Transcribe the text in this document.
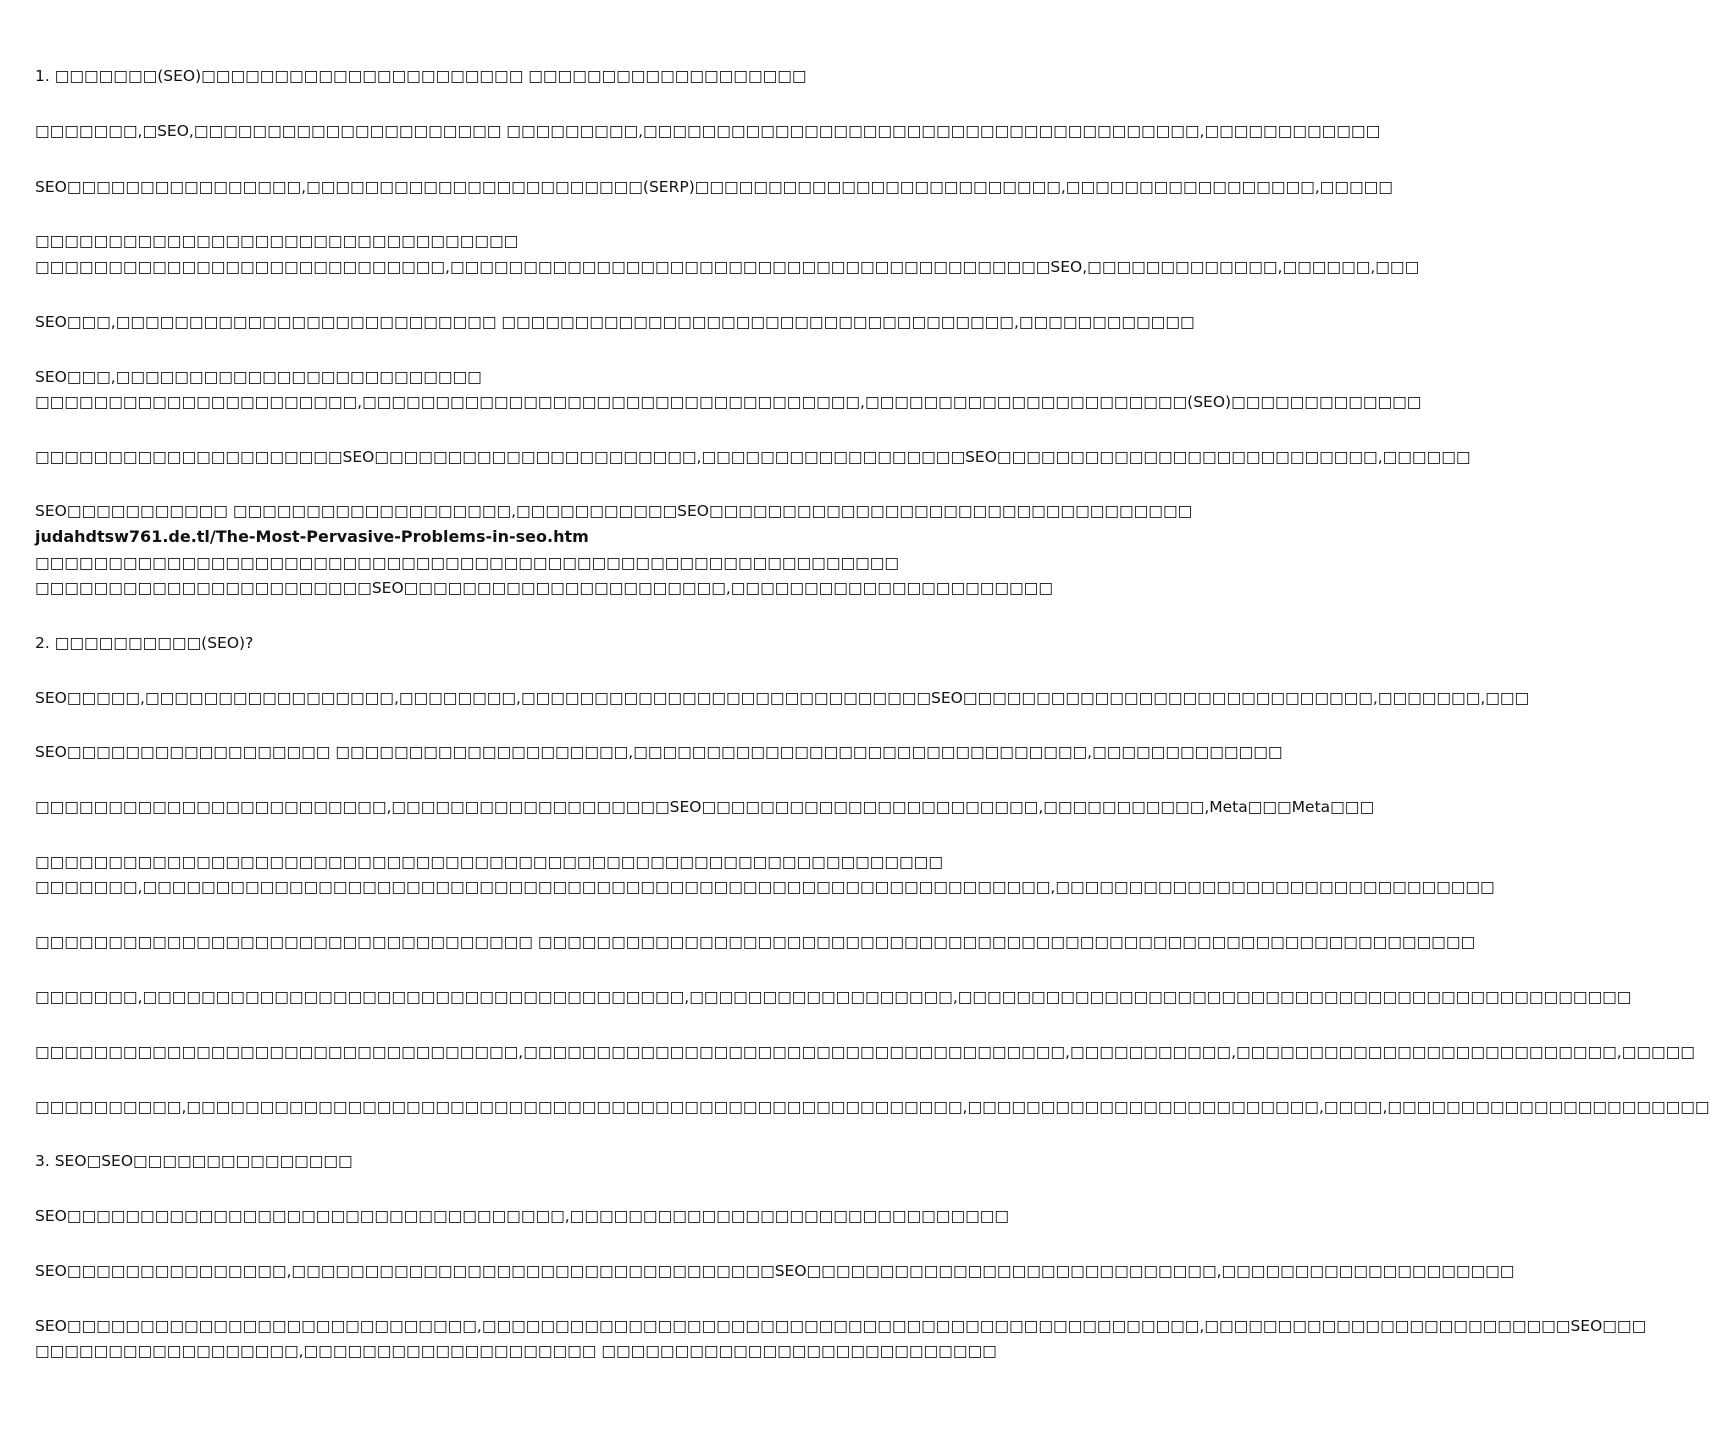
1. □□□□□□□(SEO)□□□□□□□□□□□□□□□□□□□□□□ □□□□□□□□□□□□□□□□□□□
□□□□□□□,□SEO,□□□□□□□□□□□□□□□□□□□□□ □□□□□□□□□,□□□□□□□□□□□□□□□□□□□□□□□□□□□□□□□□□□□□□□,□□□□□□□□□□□□
SEO□□□□□□□□□□□□□□□□,□□□□□□□□□□□□□□□□□□□□□□□(SERP)□□□□□□□□□□□□□□□□□□□□□□□□□,□□□□□□□□□□□□□□□□□,□□□□□
□□□□□□□□□□□□□□□□□□□□□□□□□□□□□□□□□
□□□□□□□□□□□□□□□□□□□□□□□□□□□□,□□□□□□□□□□□□□□□□□□□□□□□□□□□□□□□□□□□□□□□□□SEO,□□□□□□□□□□□□□,□□□□□□,□□□
SEO□□□,□□□□□□□□□□□□□□□□□□□□□□□□□□ □□□□□□□□□□□□□□□□□□□□□□□□□□□□□□□□□□□,□□□□□□□□□□□□
SEO□□□,□□□□□□□□□□□□□□□□□□□□□□□□□
□□□□□□□□□□□□□□□□□□□□□□,□□□□□□□□□□□□□□□□□□□□□□□□□□□□□□□□□□,□□□□□□□□□□□□□□□□□□□□□□(SEO)□□□□□□□□□□□□□
□□□□□□□□□□□□□□□□□□□□□SEO□□□□□□□□□□□□□□□□□□□□□□,□□□□□□□□□□□□□□□□□□SEO□□□□□□□□□□□□□□□□□□□□□□□□□□,□□□□□□
SEO□□□□□□□□□□□ □□□□□□□□□□□□□□□□□□□,□□□□□□□□□□□SEO□□□□□□□□□□□□□□□□□□□□□□□□□□□□□□□□□
judahdtsw761.de.tl/The-Most-Pervasive-Problems-in-seo.htm
□□□□□□□□□□□□□□□□□□□□□□□□□□□□□□□□□□□□□□□□□□□□□□□□□□□□□□□□□□□
□□□□□□□□□□□□□□□□□□□□□□□SEO□□□□□□□□□□□□□□□□□□□□□□,□□□□□□□□□□□□□□□□□□□□□□
2. □□□□□□□□□□(SEO)?
SEO□□□□□,□□□□□□□□□□□□□□□□□,□□□□□□□□,□□□□□□□□□□□□□□□□□□□□□□□□□□□□SEO□□□□□□□□□□□□□□□□□□□□□□□□□□□□,□□□□□□□,□□□
SEO□□□□□□□□□□□□□□□□□□ □□□□□□□□□□□□□□□□□□□□,□□□□□□□□□□□□□□□□□□□□□□□□□□□□□□□,□□□□□□□□□□□□□
□□□□□□□□□□□□□□□□□□□□□□□□,□□□□□□□□□□□□□□□□□□□SEO□□□□□□□□□□□□□□□□□□□□□□□,□□□□□□□□□□□,Meta□□□Meta□□□
□□□□□□□□□□□□□□□□□□□□□□□□□□□□□□□□□□□□□□□□□□□□□□□□□□□□□□□□□□□□□□
□□□□□□□,□□□□□□□□□□□□□□□□□□□□□□□□□□□□□□□□□□□□□□□□□□□□□□□□□□□□□□□□□□□□□□,□□□□□□□□□□□□□□□□□□□□□□□□□□□□□□
□□□□□□□□□□□□□□□□□□□□□□□□□□□□□□□□□□ □□□□□□□□□□□□□□□□□□□□□□□□□□□□□□□□□□□□□□□□□□□□□□□□□□□□□□□□□□□□□□□□
□□□□□□□,□□□□□□□□□□□□□□□□□□□□□□□□□□□□□□□□□□□□□,□□□□□□□□□□□□□□□□□□,□□□□□□□□□□□□□□□□□□□□□□□□□□□□□□□□□□□□□□□□□□□□□□
□□□□□□□□□□□□□□□□□□□□□□□□□□□□□□□□□,□□□□□□□□□□□□□□□□□□□□□□□□□□□□□□□□□□□□□,□□□□□□□□□□□,□□□□□□□□□□□□□□□□□□□□□□□□□□,□□□□□
□□□□□□□□□□,□□□□□□□□□□□□□□□□□□□□□□□□□□□□□□□□□□□□□□□□□□□□□□□□□□□□□,□□□□□□□□□□□□□□□□□□□□□□□□,□□□□,□□□□□□□□□□□□□□□□□□□□□□
3. SEO□SEO□□□□□□□□□□□□□□□
SEO□□□□□□□□□□□□□□□□□□□□□□□□□□□□□□□□□□,□□□□□□□□□□□□□□□□□□□□□□□□□□□□□□
SEO□□□□□□□□□□□□□□□,□□□□□□□□□□□□□□□□□□□□□□□□□□□□□□□□□SEO□□□□□□□□□□□□□□□□□□□□□□□□□□□□,□□□□□□□□□□□□□□□□□□□□
SEO□□□□□□□□□□□□□□□□□□□□□□□□□□□□,□□□□□□□□□□□□□□□□□□□□□□□□□□□□□□□□□□□□□□□□□□□□□□□□□,□□□□□□□□□□□□□□□□□□□□□□□□□SEO□□□
□□□□□□□□□□□□□□□□□□,□□□□□□□□□□□□□□□□□□□□ □□□□□□□□□□□□□□□□□□□□□□□□□□□
